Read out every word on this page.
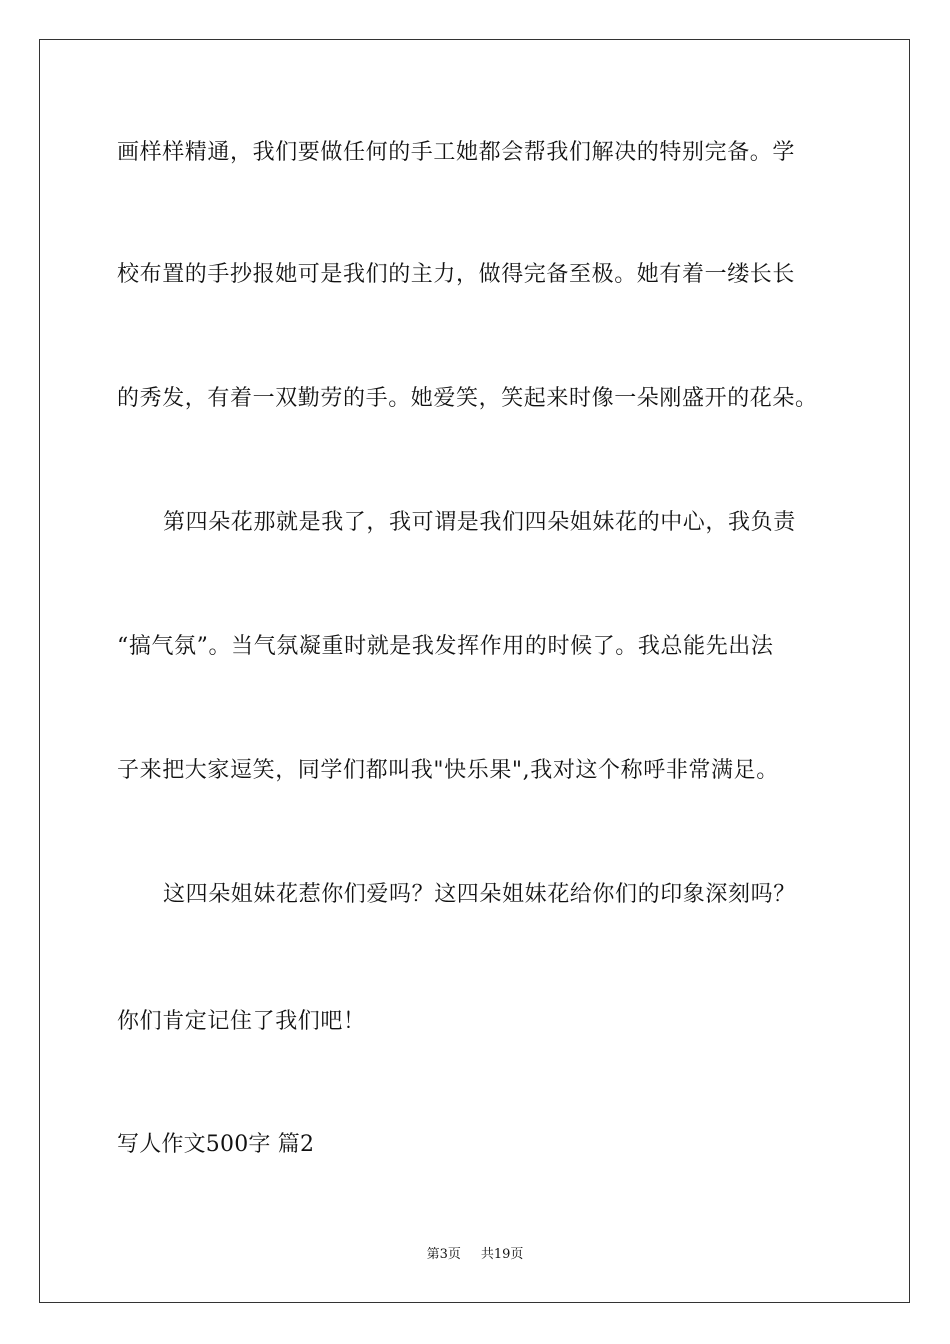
画样样精通，我们要做任何的手工她都会帮我们解决的特别完备。学
校布置的手抄报她可是我们的主力，做得完备至极。她有着一缕长长
的秀发，有着一双勤劳的手。她爱笑，笑起来时像一朵刚盛开的花朵。
第四朵花那就是我了，我可谓是我们四朵姐妹花的中心，我负责
“搞气氛”。当气氛凝重时就是我发挥作用的时候了。我总能先出法
子来把大家逗笑，同学们都叫我"快乐果",我对这个称呼非常满足。
这四朵姐妹花惹你们爱吗？这四朵姐妹花给你们的印象深刻吗？
你们肯定记住了我们吧！
写人作文500字 篇2
第3页 共19页
